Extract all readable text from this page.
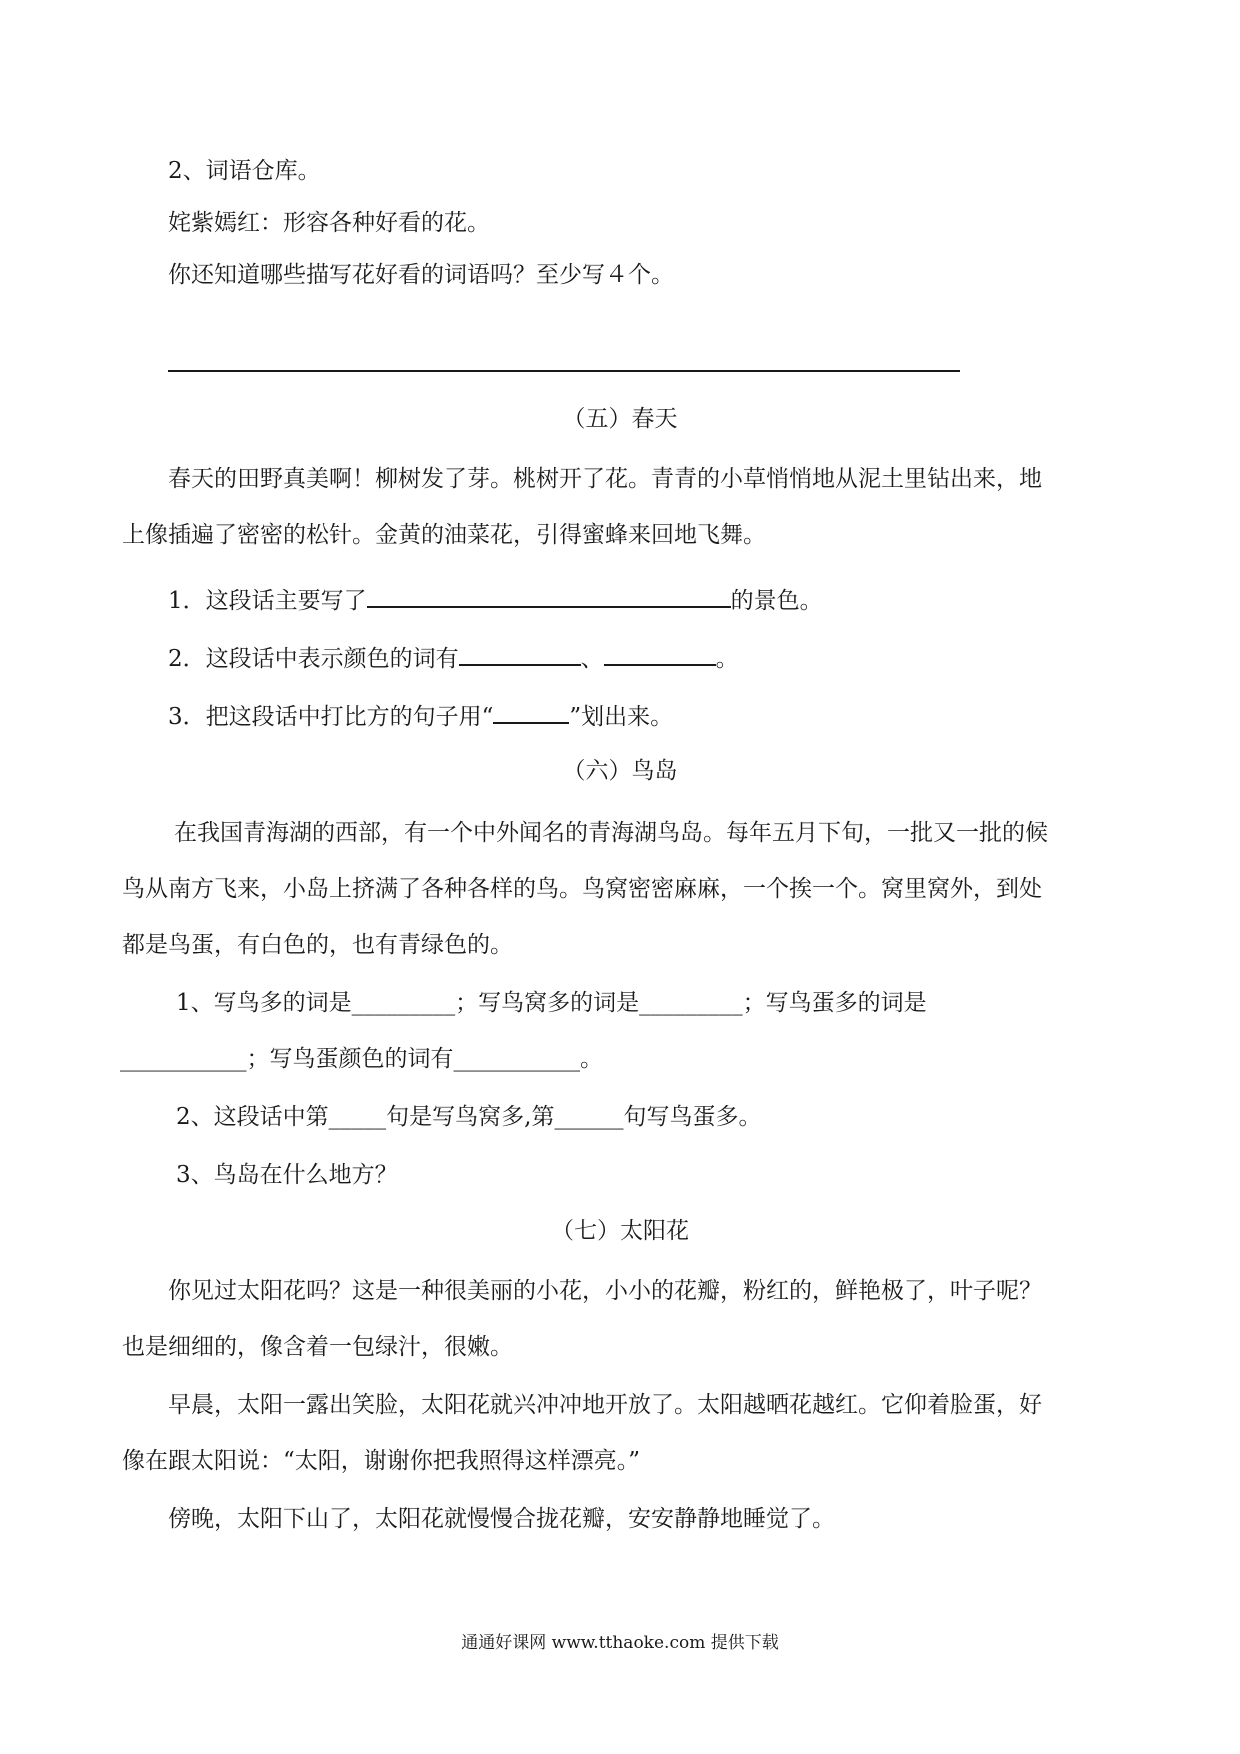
2、词语仓库。
姹紫嫣红：形容各种好看的花。
你还知道哪些描写花好看的词语吗？至少写４个。
（五）春天
春天的田野真美啊！柳树发了芽。桃树开了花。青青的小草悄悄地从泥土里钻出来，地
上像插遍了密密的松针。金黄的油菜花，引得蜜蜂来回地飞舞。
1．这段话主要写了	的景色。
2．这段话中表示颜色的词有	、	。
3．把这段话中打比方的句子用“	”划出来。
（六）鸟岛
在我国青海湖的西部，有一个中外闻名的青海湖鸟岛。每年五月下旬，一批又一批的候
鸟从南方飞来，小岛上挤满了各种各样的鸟。鸟窝密密麻麻，一个挨一个。窝里窝外，到处
都是鸟蛋，有白色的，也有青绿色的。
1、写鸟多的词是_________；写鸟窝多的词是_________；写鸟蛋多的词是
___________；写鸟蛋颜色的词有___________。
2、这段话中第_____句是写鸟窝多,第______句写鸟蛋多。
3、鸟岛在什么地方？
（七）太阳花
你见过太阳花吗？这是一种很美丽的小花，小小的花瓣，粉红的，鲜艳极了，叶子呢？
也是细细的，像含着一包绿汁，很嫩。
早晨，太阳一露出笑脸，太阳花就兴冲冲地开放了。太阳越晒花越红。它仰着脸蛋，好
像在跟太阳说：“太阳，谢谢你把我照得这样漂亮。”
傍晚，太阳下山了，太阳花就慢慢合拢花瓣，安安静静地睡觉了。
通通好课网 www.tthaoke.com 提供下载
